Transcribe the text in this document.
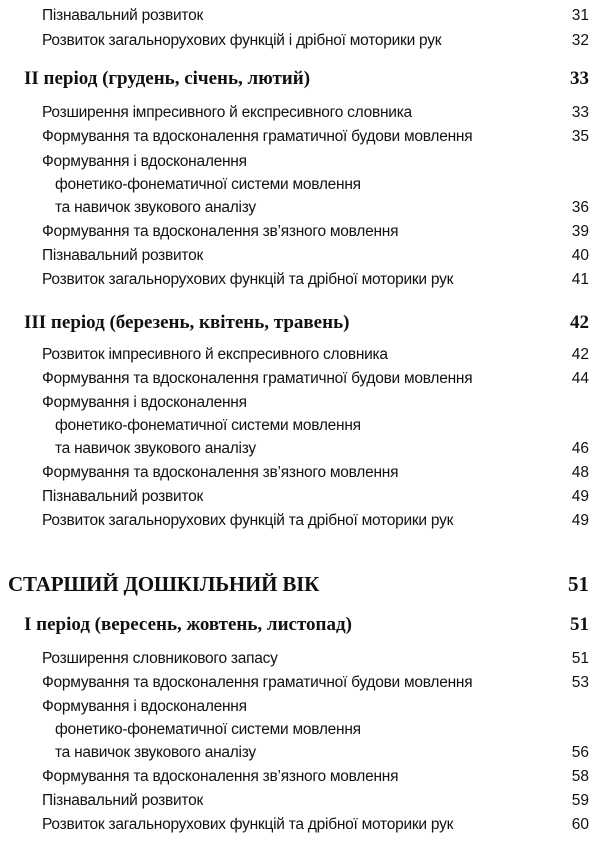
Пізнавальний розвиток	31
Розвиток загальнорухових функцій і дрібної моторики рук	32
II період (грудень, січень, лютий)	33
Розширення імпресивного й експресивного словника	33
Формування та вдосконалення граматичної будови мовлення	35
Формування і вдосконалення
фонетико-фонематичної системи мовлення
та навичок звукового аналізу	36
Формування та вдосконалення зв’язного мовлення	39
Пізнавальний розвиток	40
Розвиток загальнорухових функцій та дрібної моторики рук	41
III період (березень, квітень, травень)	42
Розвиток імпресивного й експресивного словника	42
Формування та вдосконалення граматичної будови мовлення	44
Формування і вдосконалення
фонетико-фонематичної системи мовлення
та навичок звукового аналізу	46
Формування та вдосконалення зв’язного мовлення	48
Пізнавальний розвиток	49
Розвиток загальнорухових функцій та дрібної моторики рук	49
СТАРШИЙ ДОШКІЛЬНИЙ ВІК	51
I період (вересень, жовтень, листопад)	51
Розширення словникового запасу	51
Формування та вдосконалення граматичної будови мовлення	53
Формування і вдосконалення
фонетико-фонематичної системи мовлення
та навичок звукового аналізу	56
Формування та вдосконалення зв’язного мовлення	58
Пізнавальний розвиток	59
Розвиток загальнорухових функцій та дрібної моторики рук	60
